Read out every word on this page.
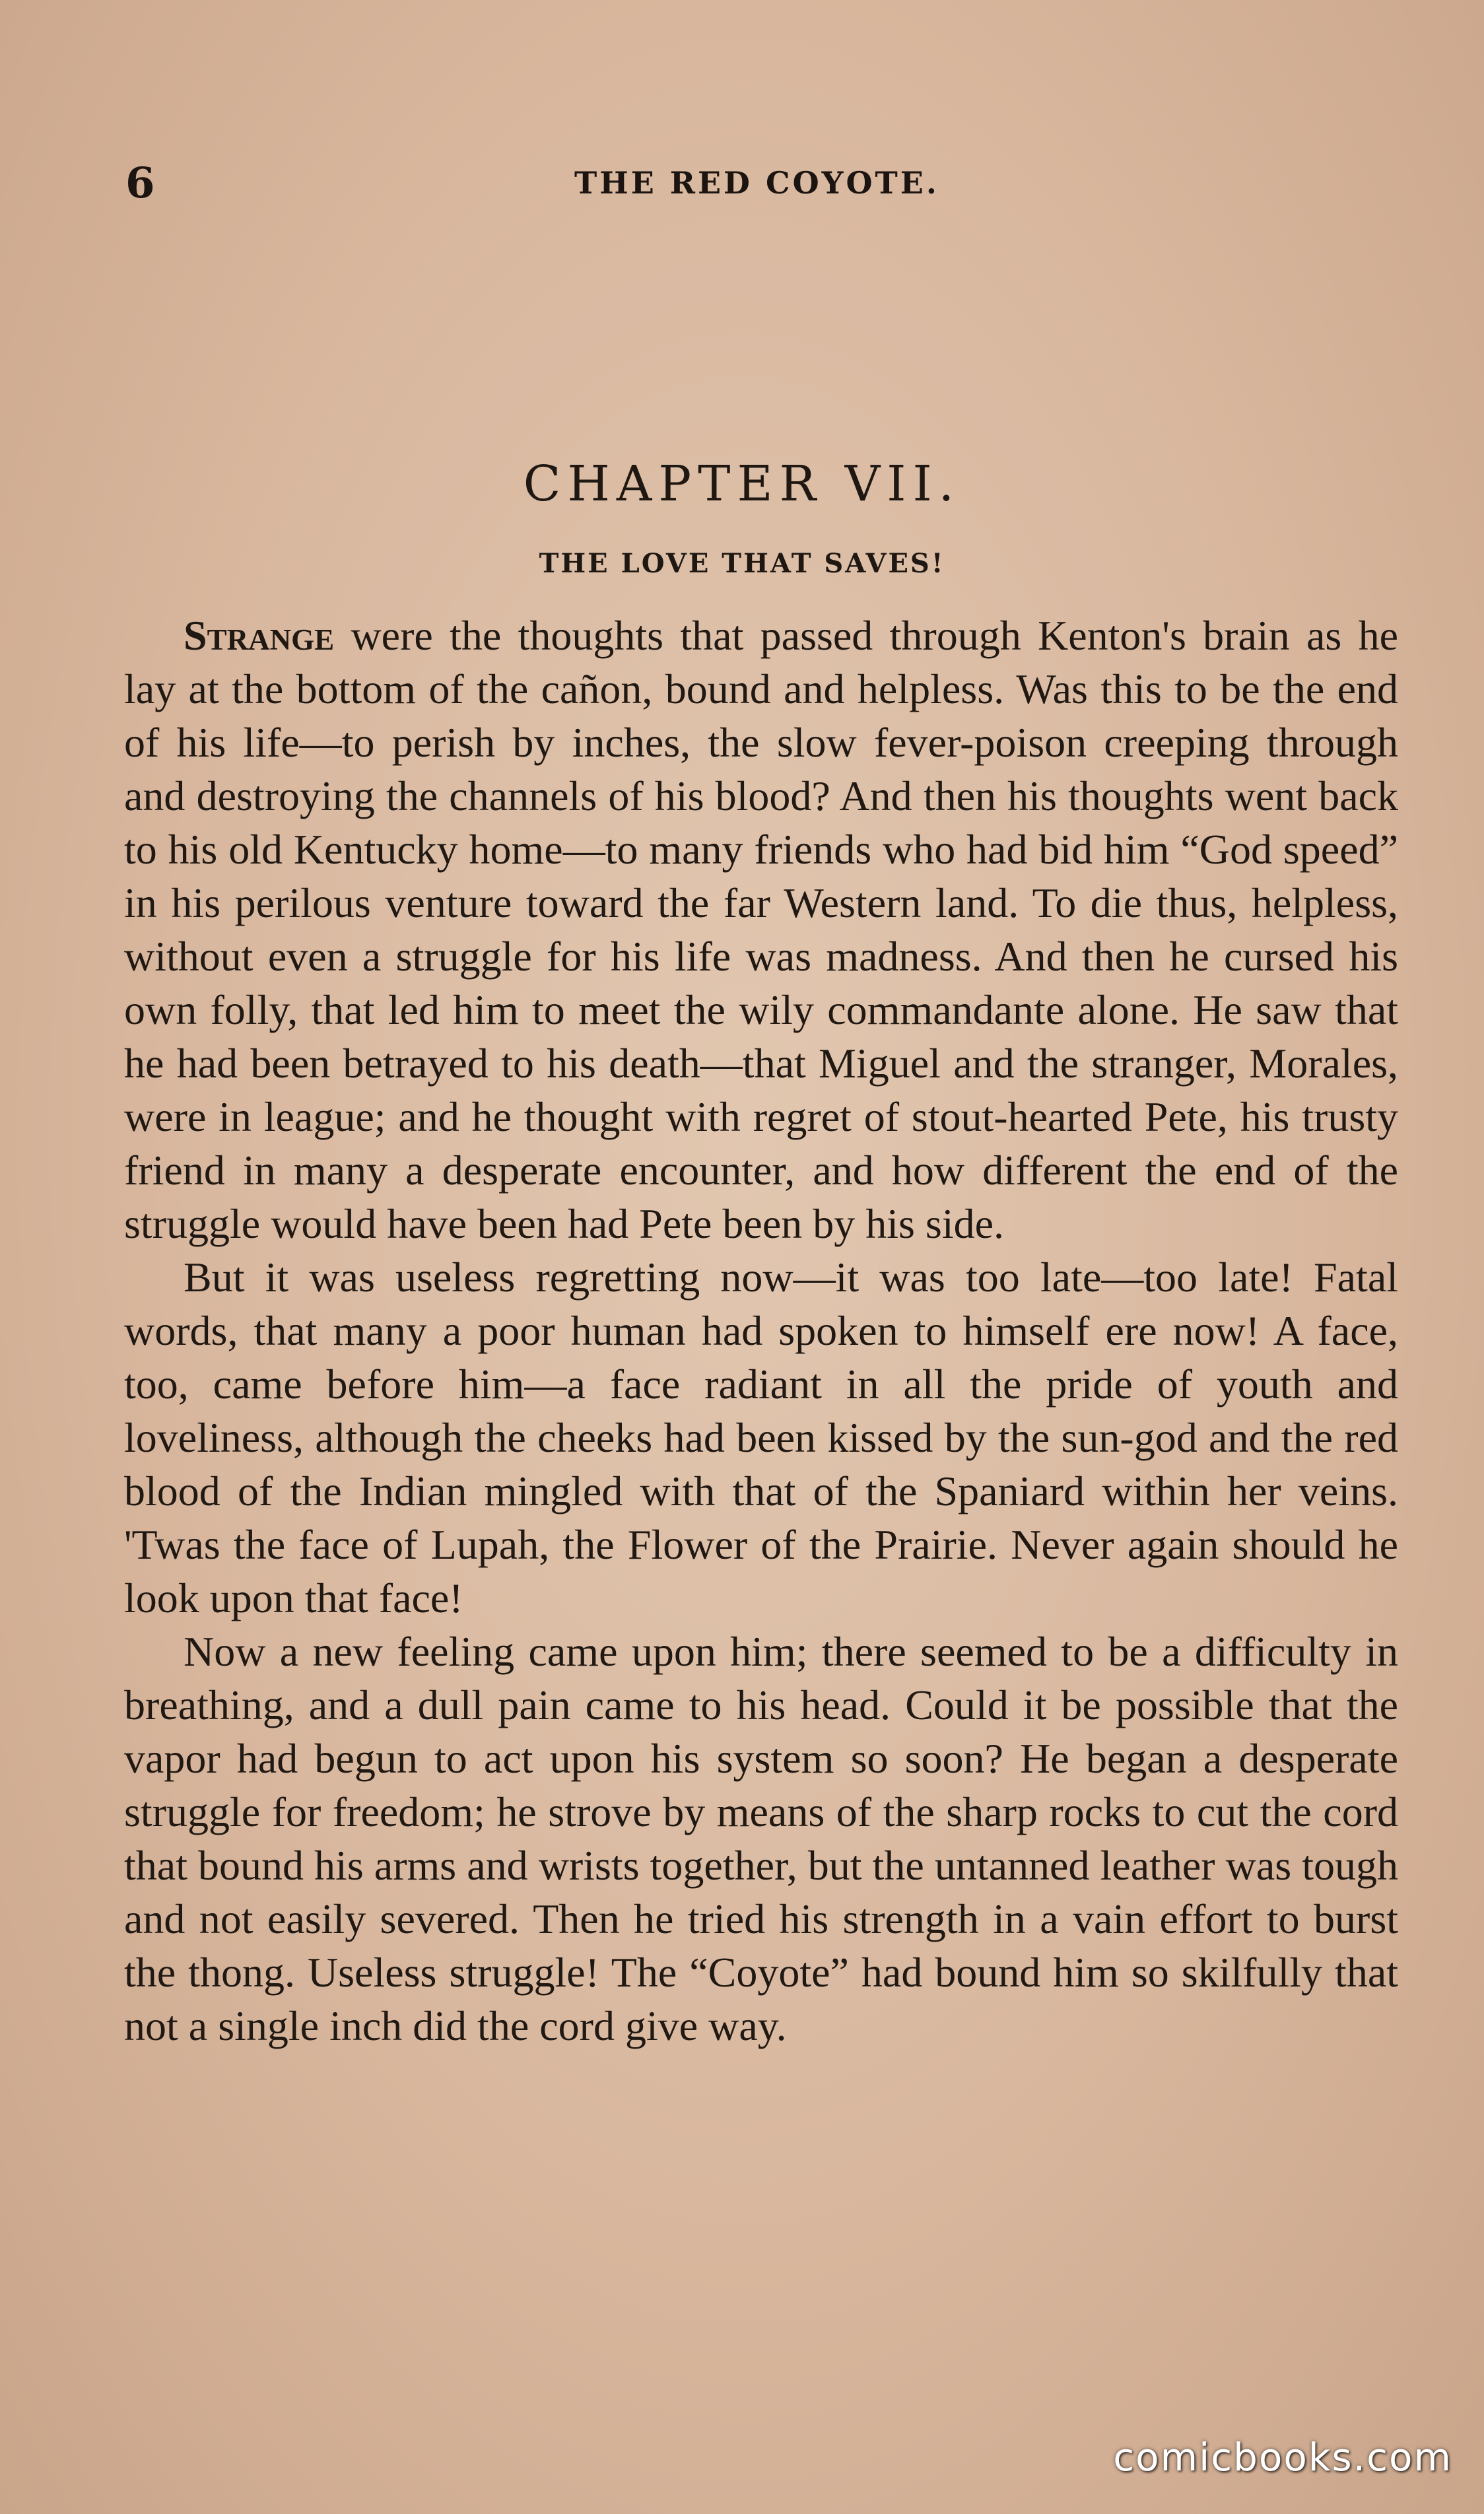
6	THE RED COYOTE.
CHAPTER VII.
THE LOVE THAT SAVES!

Strange were the thoughts that passed through Kenton's brain as he lay at the bottom of the cañon, bound and helpless. Was this to be the end of his life—to perish by inches, the slow fever-poison creeping through and destroying the channels of his blood? And then his thoughts went back to his old Kentucky home—to many friends who had bid him “God speed” in his perilous venture toward the far Western land. To die thus, helpless, without even a struggle for his life was madness. And then he cursed his own folly, that led him to meet the wily commandante alone. He saw that he had been betrayed to his death—that Miguel and the stranger, Morales, were in league; and he thought with regret of stout-hearted Pete, his trusty friend in many a desperate encounter, and how different the end of the struggle would have been had Pete been by his side.

But it was useless regretting now—it was too late—too late! Fatal words, that many a poor human had spoken to himself ere now! A face, too, came before him—a face radiant in all the pride of youth and loveliness, although the cheeks had been kissed by the sun-god and the red blood of the Indian mingled with that of the Spaniard within her veins. 'Twas the face of Lupah, the Flower of the Prairie. Never again should he look upon that face!

Now a new feeling came upon him; there seemed to be a difficulty in breathing, and a dull pain came to his head. Could it be possible that the vapor had begun to act upon his system so soon? He began a desperate struggle for freedom; he strove by means of the sharp rocks to cut the cord that bound his arms and wrists together, but the untanned leather was tough and not easily severed. Then he tried his strength in a vain effort to burst the thong. Useless struggle! The “Coyote” had bound him so skilfully that not a single inch did the cord give way.

comicbooks.com
